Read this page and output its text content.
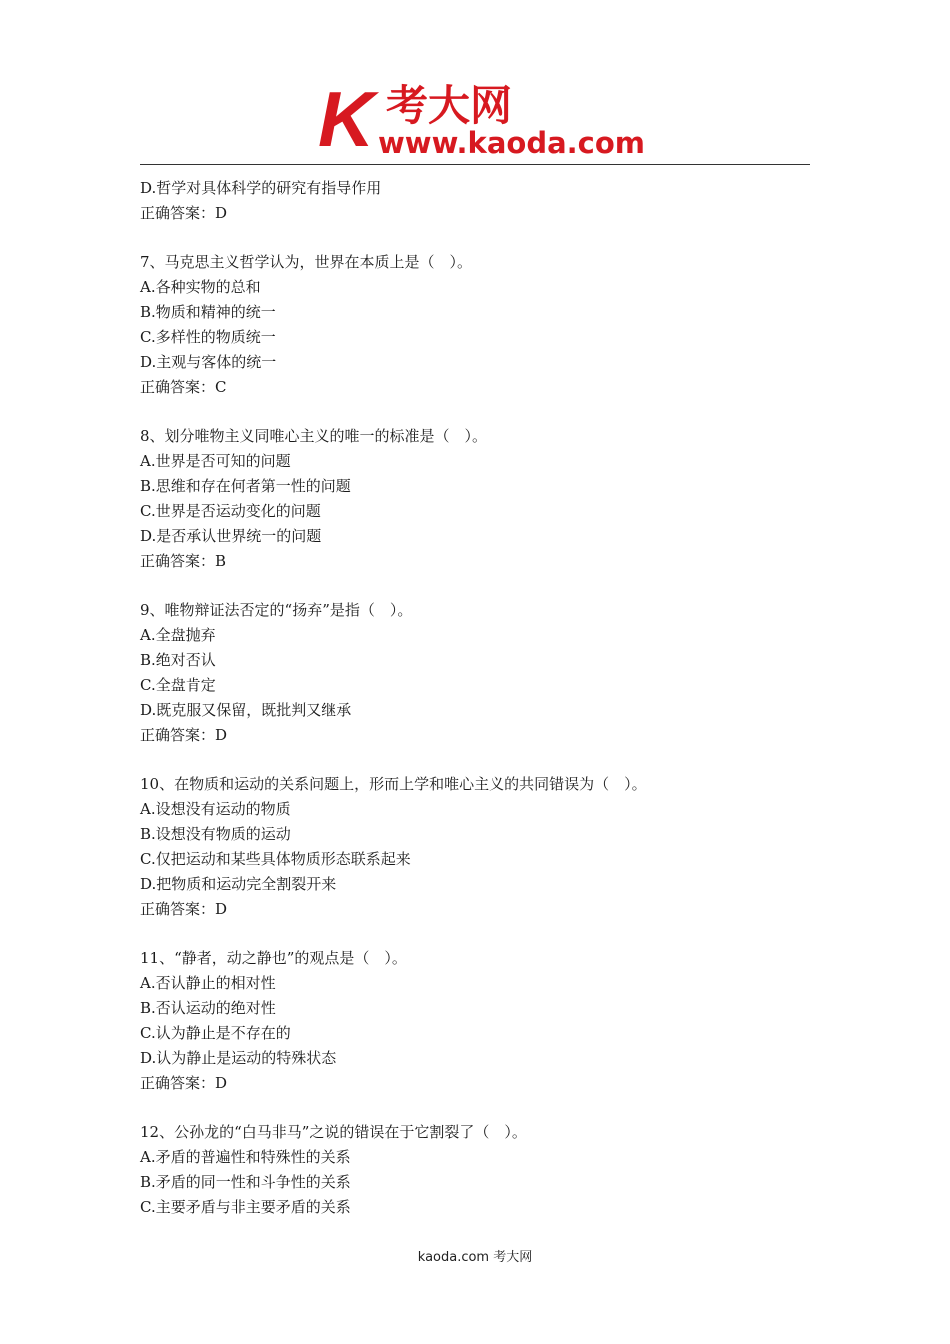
K 考大网
www.kaoda.com
D.哲学对具体科学的研究有指导作用
正确答案：D
7、马克思主义哲学认为，世界在本质上是（　）。
A.各种实物的总和
B.物质和精神的统一
C.多样性的物质统一
D.主观与客体的统一
正确答案：C
8、划分唯物主义同唯心主义的唯一的标准是（　）。
A.世界是否可知的问题
B.思维和存在何者第一性的问题
C.世界是否运动变化的问题
D.是否承认世界统一的问题
正确答案：B
9、唯物辩证法否定的“扬弃”是指（　）。
A.全盘抛弃
B.绝对否认
C.全盘肯定
D.既克服又保留，既批判又继承
正确答案：D
10、在物质和运动的关系问题上，形而上学和唯心主义的共同错误为（　）。
A.设想没有运动的物质
B.设想没有物质的运动
C.仅把运动和某些具体物质形态联系起来
D.把物质和运动完全割裂开来
正确答案：D
11、“静者，动之静也”的观点是（　）。
A.否认静止的相对性
B.否认运动的绝对性
C.认为静止是不存在的
D.认为静止是运动的特殊状态
正确答案：D
12、公孙龙的“白马非马”之说的错误在于它割裂了（　）。
A.矛盾的普遍性和特殊性的关系
B.矛盾的同一性和斗争性的关系
C.主要矛盾与非主要矛盾的关系
kaoda.com 考大网
